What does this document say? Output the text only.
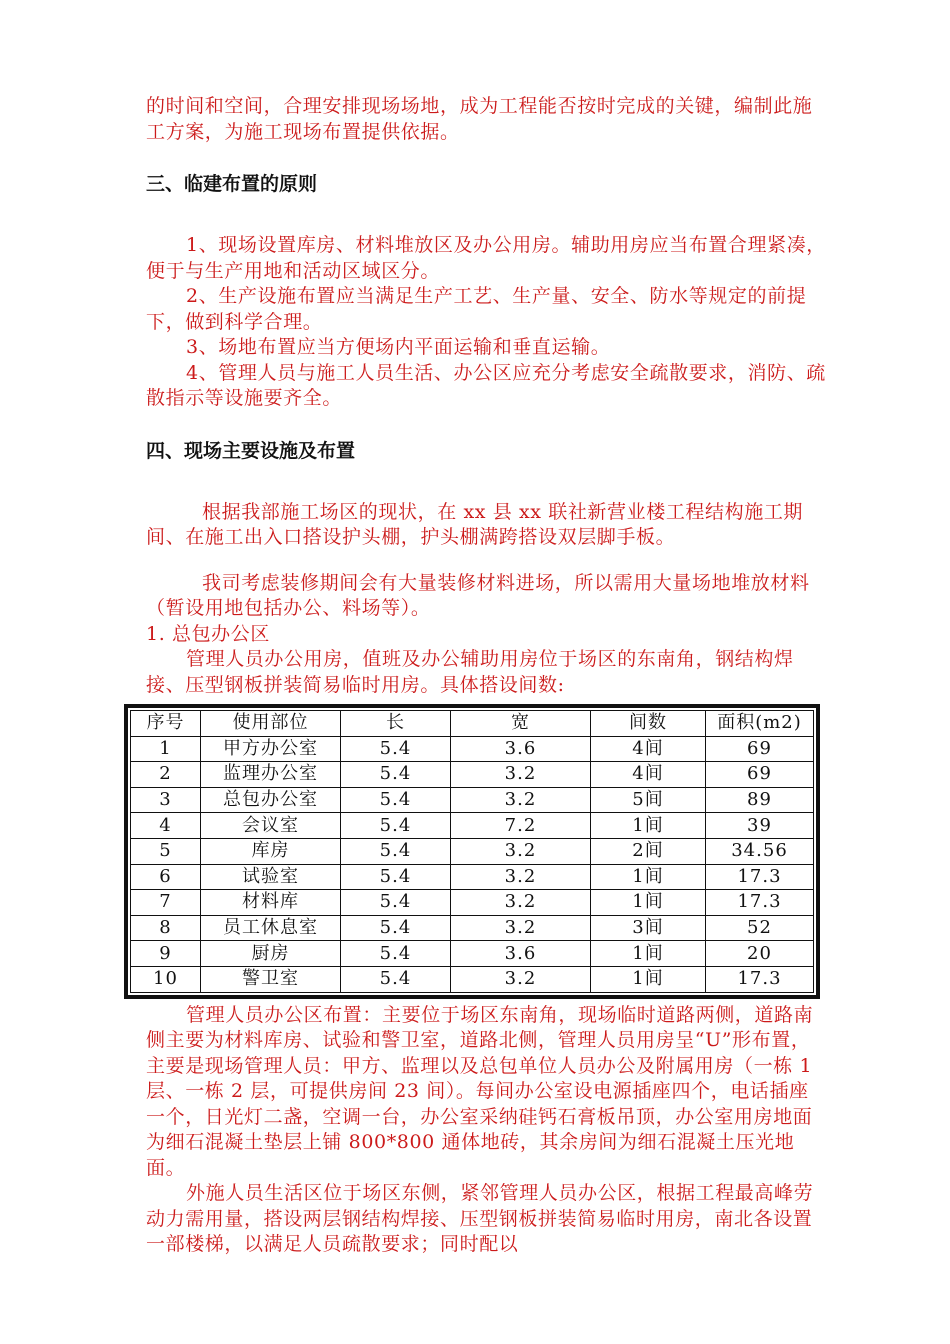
的时间和空间，合理安排现场场地，成为工程能否按时完成的关键，编制此施工方案，为施工现场布置提供依据。

三、临建布置的原则

1、现场设置库房、材料堆放区及办公用房。辅助用房应当布置合理紧凑，便于与生产用地和活动区域区分。

2、生产设施布置应当满足生产工艺、生产量、安全、防水等规定的前提下，做到科学合理。

3、场地布置应当方便场内平面运输和垂直运输。

4、管理人员与施工人员生活、办公区应充分考虑安全疏散要求，消防、疏散指示等设施要齐全。

四、现场主要设施及布置

根据我部施工场区的现状，在 xx 县 xx 联社新营业楼工程结构施工期间、在施工出入口搭设护头棚，护头棚满跨搭设双层脚手板。

我司考虑装修期间会有大量装修材料进场，所以需用大量场地堆放材料（暂设用地包括办公、料场等）。

1. 总包办公区

管理人员办公用房，值班及办公辅助用房位于场区的东南角，钢结构焊接、压型钢板拼装简易临时用房。具体搭设间数:

序号	使用部位	长	宽	间数	面积(m2)
1	甲方办公室	5.4	3.6	4间	69
2	监理办公室	5.4	3.2	4间	69
3	总包办公室	5.4	3.2	5间	89
4	会议室	5.4	7.2	1间	39
5	库房	5.4	3.2	2间	34.56
6	试验室	5.4	3.2	1间	17.3
7	材料库	5.4	3.2	1间	17.3
8	员工休息室	5.4	3.2	3间	52
9	厨房	5.4	3.6	1间	20
10	警卫室	5.4	3.2	1间	17.3

管理人员办公区布置：主要位于场区东南角，现场临时道路两侧，道路南侧主要为材料库房、试验和警卫室，道路北侧，管理人员用房呈“U”形布置，主要是现场管理人员：甲方、监理以及总包单位人员办公及附属用房（一栋 1 层、一栋 2 层，可提供房间 23 间）。每间办公室设电源插座四个，电话插座一个，日光灯二盏，空调一台，办公室采纳硅钙石膏板吊顶，办公室用房地面为细石混凝土垫层上铺 800*800 通体地砖，其余房间为细石混凝土压光地面。

外施人员生活区位于场区东侧，紧邻管理人员办公区，根据工程最高峰劳动力需用量，搭设两层钢结构焊接、压型钢板拼装简易临时用房，南北各设置一部楼梯，以满足人员疏散要求；同时配以
